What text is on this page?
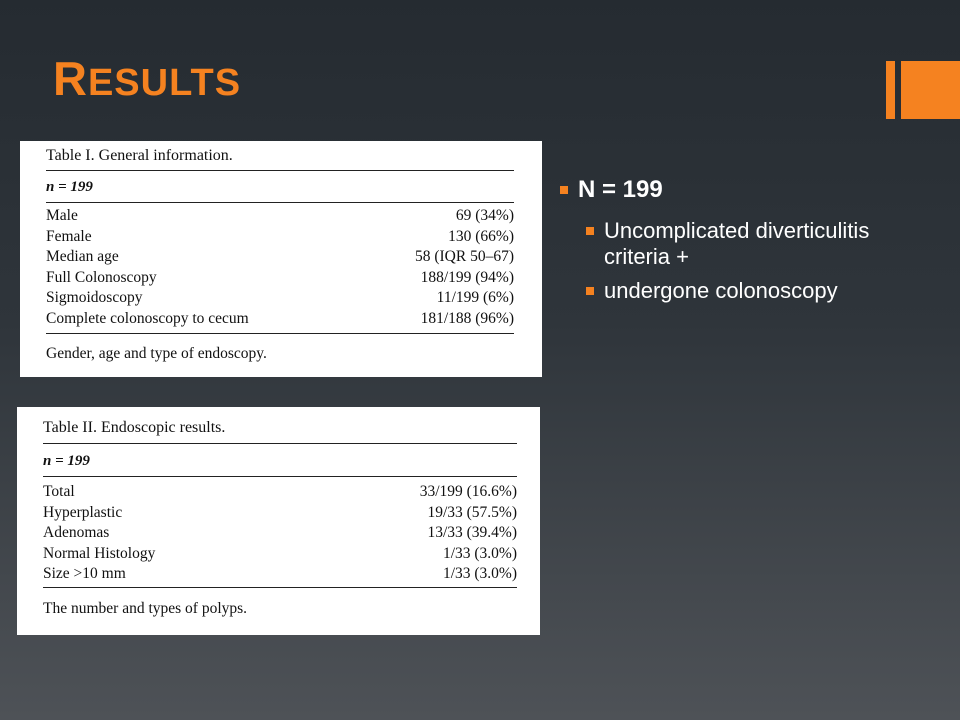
RESULTS
Table I. General information.
n = 199
Male	69 (34%)
Female	130 (66%)
Median age	58 (IQR 50–67)
Full Colonoscopy	188/199 (94%)
Sigmoidoscopy	11/199 (6%)
Complete colonoscopy to cecum	181/188 (96%)
Gender, age and type of endoscopy.
Table II. Endoscopic results.
n = 199
Total	33/199 (16.6%)
Hyperplastic	19/33 (57.5%)
Adenomas	13/33 (39.4%)
Normal Histology	1/33 (3.0%)
Size >10 mm	1/33 (3.0%)
The number and types of polyps.
N = 199
Uncomplicated diverticulitis criteria +
undergone colonoscopy
